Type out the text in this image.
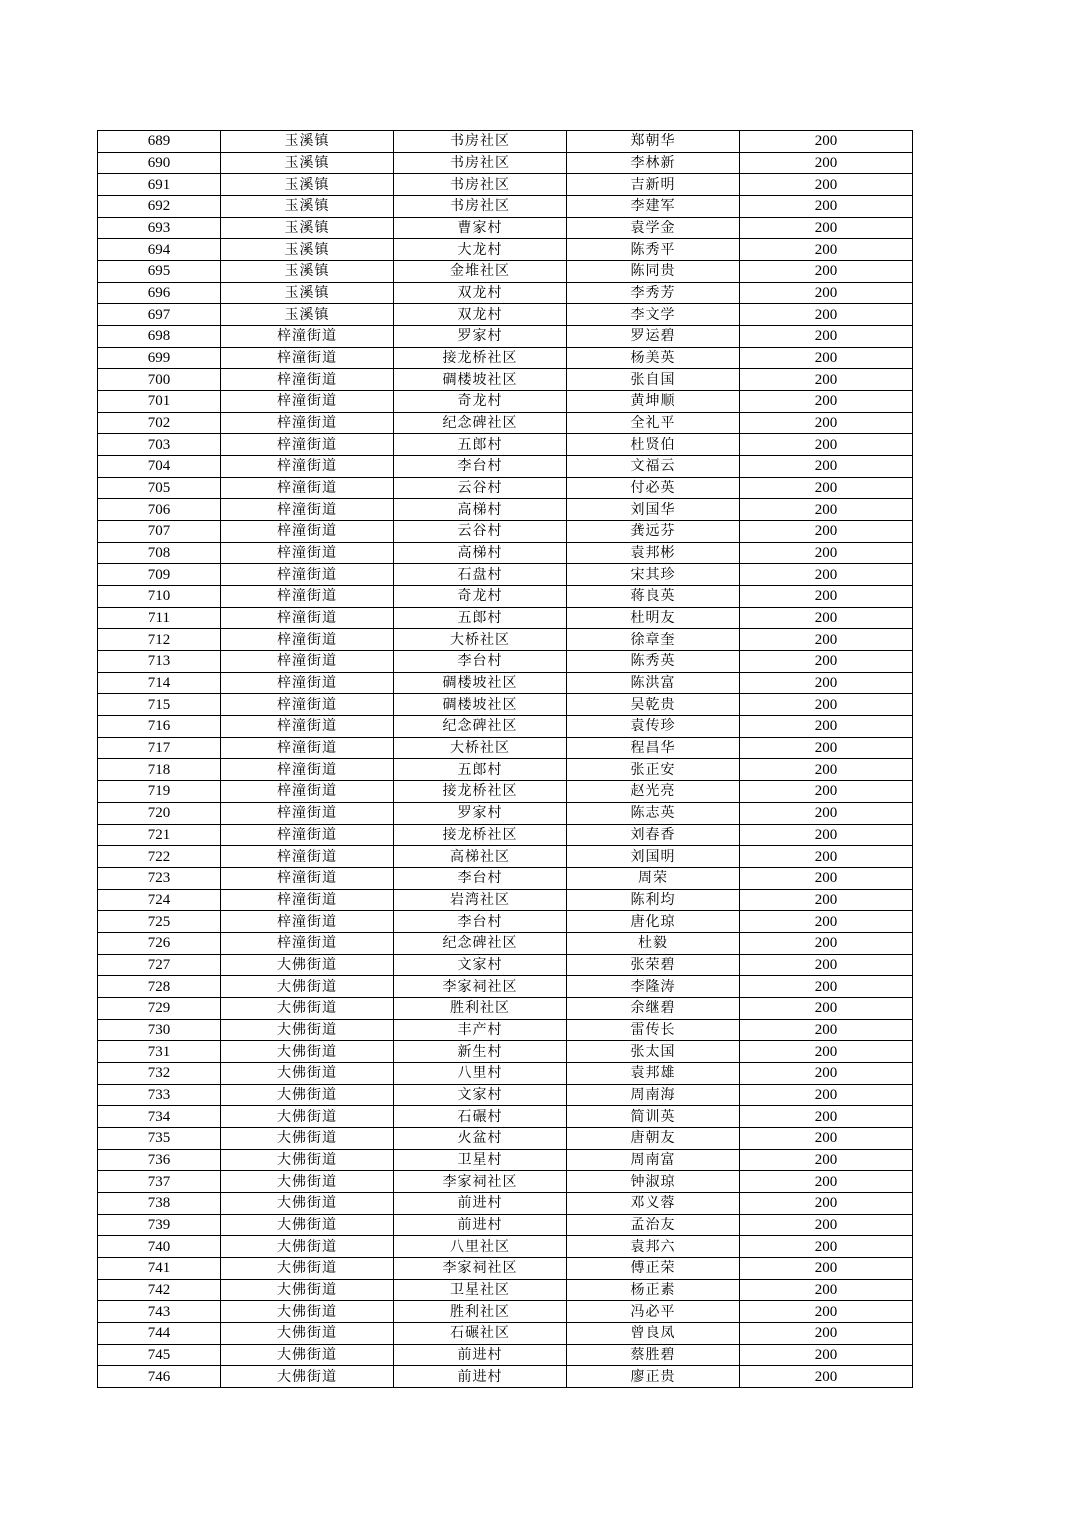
689	玉溪镇	书房社区	郑朝华	200
690	玉溪镇	书房社区	李林新	200
691	玉溪镇	书房社区	吉新明	200
692	玉溪镇	书房社区	李建军	200
693	玉溪镇	曹家村	袁学金	200
694	玉溪镇	大龙村	陈秀平	200
695	玉溪镇	金堆社区	陈同贵	200
696	玉溪镇	双龙村	李秀芳	200
697	玉溪镇	双龙村	李文学	200
698	梓潼街道	罗家村	罗运碧	200
699	梓潼街道	接龙桥社区	杨美英	200
700	梓潼街道	碉楼坡社区	张自国	200
701	梓潼街道	奇龙村	黄坤顺	200
702	梓潼街道	纪念碑社区	全礼平	200
703	梓潼街道	五郎村	杜贤伯	200
704	梓潼街道	李台村	文福云	200
705	梓潼街道	云谷村	付必英	200
706	梓潼街道	高梯村	刘国华	200
707	梓潼街道	云谷村	龚远芬	200
708	梓潼街道	高梯村	袁邦彬	200
709	梓潼街道	石盘村	宋其珍	200
710	梓潼街道	奇龙村	蒋良英	200
711	梓潼街道	五郎村	杜明友	200
712	梓潼街道	大桥社区	徐章奎	200
713	梓潼街道	李台村	陈秀英	200
714	梓潼街道	碉楼坡社区	陈洪富	200
715	梓潼街道	碉楼坡社区	吴乾贵	200
716	梓潼街道	纪念碑社区	袁传珍	200
717	梓潼街道	大桥社区	程昌华	200
718	梓潼街道	五郎村	张正安	200
719	梓潼街道	接龙桥社区	赵光亮	200
720	梓潼街道	罗家村	陈志英	200
721	梓潼街道	接龙桥社区	刘春香	200
722	梓潼街道	高梯社区	刘国明	200
723	梓潼街道	李台村	周荣	200
724	梓潼街道	岩湾社区	陈利均	200
725	梓潼街道	李台村	唐化琼	200
726	梓潼街道	纪念碑社区	杜毅	200
727	大佛街道	文家村	张荣碧	200
728	大佛街道	李家祠社区	李隆涛	200
729	大佛街道	胜利社区	余继碧	200
730	大佛街道	丰产村	雷传长	200
731	大佛街道	新生村	张太国	200
732	大佛街道	八里村	袁邦雄	200
733	大佛街道	文家村	周南海	200
734	大佛街道	石碾村	简训英	200
735	大佛街道	火盆村	唐朝友	200
736	大佛街道	卫星村	周南富	200
737	大佛街道	李家祠社区	钟淑琼	200
738	大佛街道	前进村	邓义蓉	200
739	大佛街道	前进村	孟治友	200
740	大佛街道	八里社区	袁邦六	200
741	大佛街道	李家祠社区	傅正荣	200
742	大佛街道	卫星社区	杨正素	200
743	大佛街道	胜利社区	冯必平	200
744	大佛街道	石碾社区	曾良凤	200
745	大佛街道	前进村	蔡胜碧	200
746	大佛街道	前进村	廖正贵	200
